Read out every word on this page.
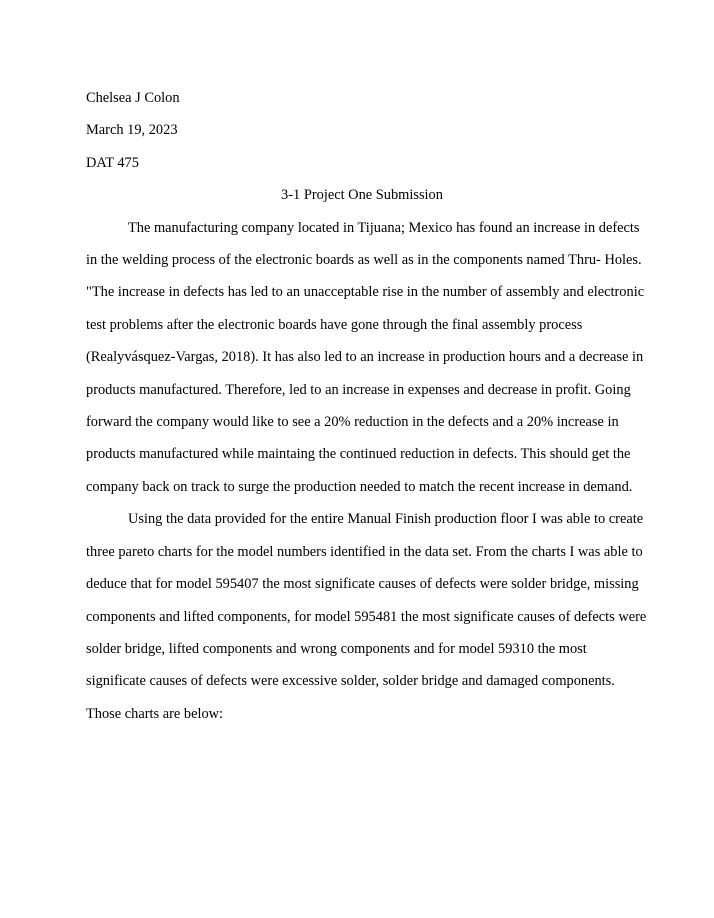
Chelsea J Colon
March 19, 2023
DAT 475
3-1 Project One Submission
The manufacturing company located in Tijuana; Mexico has found an increase in defects
in the welding process of the electronic boards as well as in the components named Thru- Holes.
"The increase in defects has led to an unacceptable rise in the number of assembly and electronic
test problems after the electronic boards have gone through the final assembly process
(Realyvásquez-Vargas, 2018). It has also led to an increase in production hours and a decrease in
products manufactured. Therefore, led to an increase in expenses and decrease in profit. Going
forward the company would like to see a 20% reduction in the defects and a 20% increase in
products manufactured while maintaing the continued reduction in defects. This should get the
company back on track to surge the production needed to match the recent increase in demand.
Using the data provided for the entire Manual Finish production floor I was able to create
three pareto charts for the model numbers identified in the data set. From the charts I was able to
deduce that for model 595407 the most significate causes of defects were solder bridge, missing
components and lifted components, for model 595481 the most significate causes of defects were
solder bridge, lifted components and wrong components and for model 59310 the most
significate causes of defects were excessive solder, solder bridge and damaged components.
Those charts are below:
